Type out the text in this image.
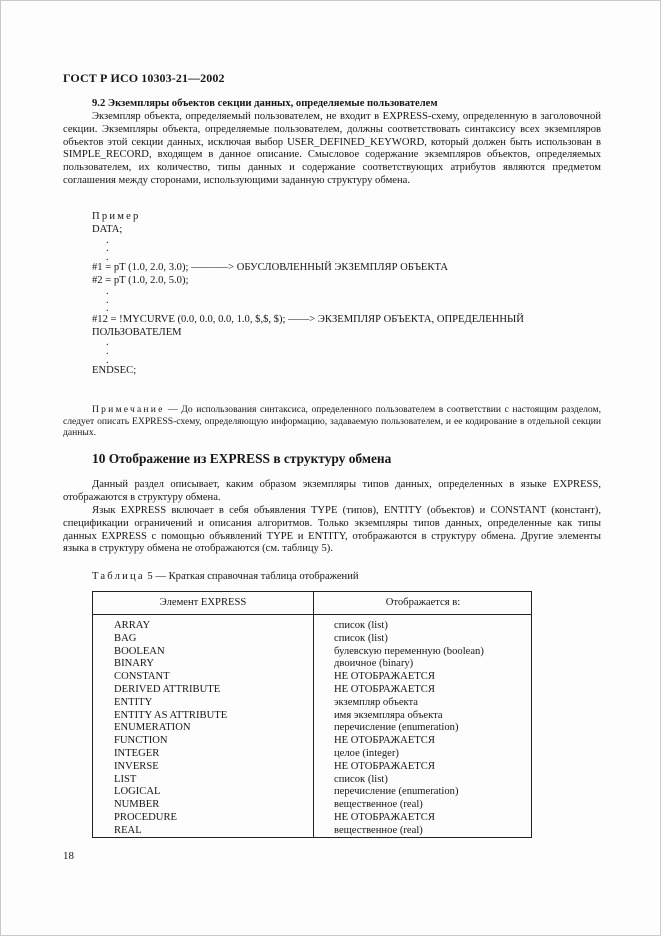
ГОСТ Р ИСО 10303-21—2002
9.2 Экземпляры объектов секции данных, определяемые пользователем
Экземпляр объекта, определяемый пользователем, не входит в EXPRESS-схему, определенную в заголовочной секции. Экземпляры объекта, определяемые пользователем, должны соответствовать синтаксису всех экземпляров объектов этой секции данных, исключая выбор USER_DEFINED_KEYWORD, который должен быть использован в SIMPLE_RECORD, входящем в данное описание. Смысловое содержание экземпляров объектов, определяемых пользователем, их количество, типы данных и содержание соответствующих атрибутов являются предметом соглашения между сторонами, использующими заданную структуру обмена.
Пример
DATA;
.
.
.
#1 = pT (1.0, 2.0, 3.0); ———–> ОБУСЛОВЛЕННЫЙ ЭКЗЕМПЛЯР ОБЪЕКТА
#2 = pT (1.0, 2.0, 5.0);
.
.
.
#12 = !MYCURVE (0.0, 0.0, 0.0, 1.0, $,$, $); ——> ЭКЗЕМПЛЯР ОБЪЕКТА, ОПРЕДЕЛЕННЫЙ ПОЛЬЗОВАТЕЛЕМ
.
.
.
ENDSEC;
Примечание — До использования синтаксиса, определенного пользователем в соответствии с настоящим разделом, следует описать EXPRESS-схему, определяющую информацию, задаваемую пользователем, и ее кодирование в отдельной секции данных.
10 Отображение из EXPRESS в структуру обмена
Данный раздел описывает, каким образом экземпляры типов данных, определенных в языке EXPRESS, отображаются в структуру обмена.
Язык EXPRESS включает в себя объявления TYPE (типов), ENTITY (объектов) и CONSTANT (констант), спецификации ограничений и описания алгоритмов. Только экземпляры типов данных, определенные как типы данных EXPRESS с помощью объявлений TYPE и ENTITY, отображаются в структуру обмена. Другие элементы языка в структуру обмена не отображаются (см. таблицу 5).
Таблица 5 — Краткая справочная таблица отображений
Элемент EXPRESS	Отображается в:
ARRAY
BAG
BOOLEAN
BINARY
CONSTANT
DERIVED ATTRIBUTE
ENTITY
ENTITY AS ATTRIBUTE
ENUMERATION
FUNCTION
INTEGER
INVERSE
LIST
LOGICAL
NUMBER
PROCEDURE
REAL
список (list)
список (list)
булевскую переменную (boolean)
двоичное (binary)
НЕ ОТОБРАЖАЕТСЯ
НЕ ОТОБРАЖАЕТСЯ
экземпляр объекта
имя экземпляра объекта
перечисление (enumeration)
НЕ ОТОБРАЖАЕТСЯ
целое (integer)
НЕ ОТОБРАЖАЕТСЯ
список (list)
перечисление (enumeration)
вещественное (real)
НЕ ОТОБРАЖАЕТСЯ
вещественное (real)
18
